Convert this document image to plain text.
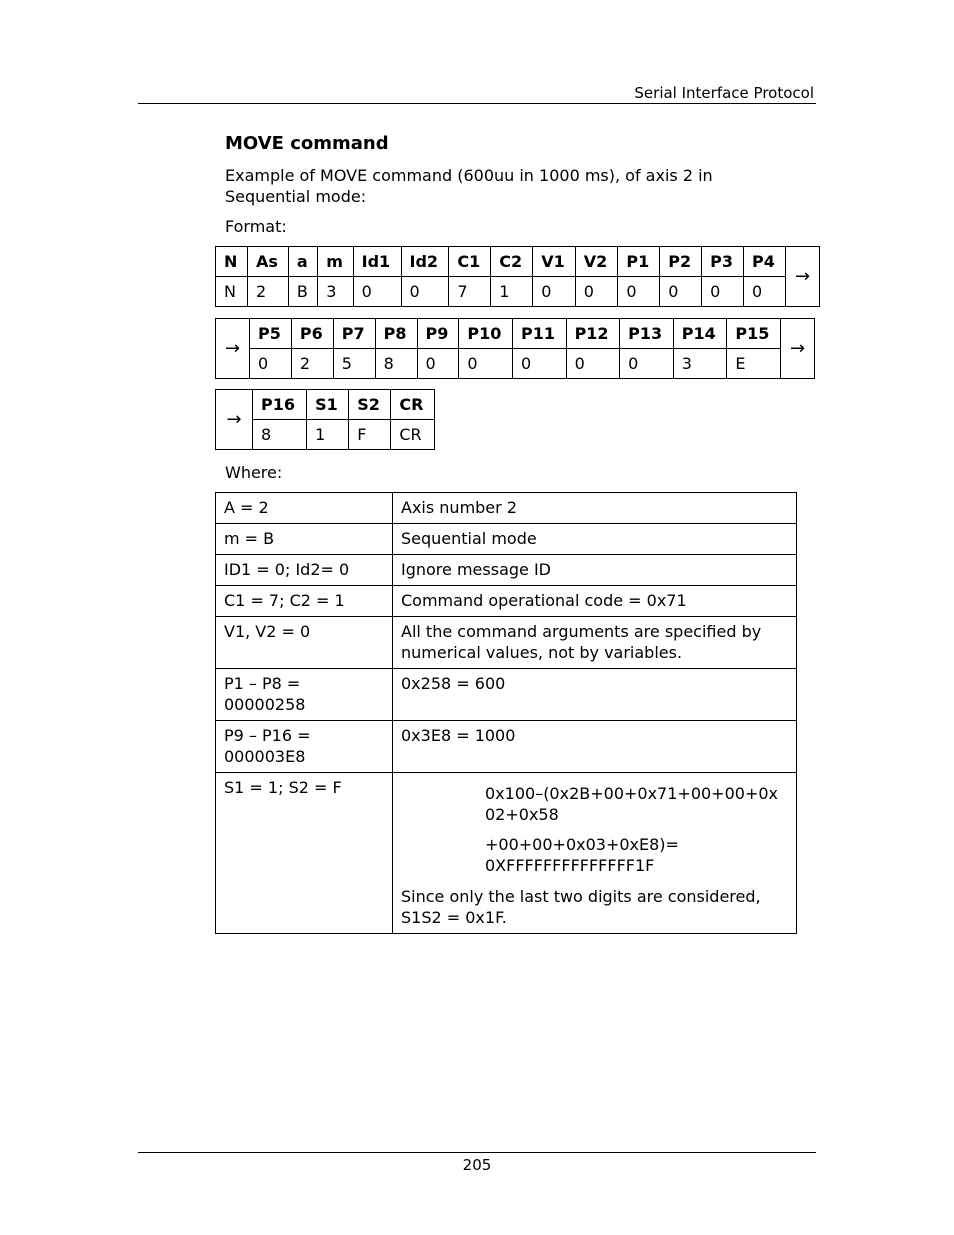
Serial Interface Protocol
MOVE command
Example of MOVE command (600uu in 1000 ms), of axis 2 in Sequential mode:
Format:
N	As	a	m	Id1	Id2	C1	C2	V1	V2	P1	P2	P3	P4	→
N	2	B	3	0	0	7	1	0	0	0	0	0	0	
→	P5	P6	P7	P8	P9	P10	P11	P12	P13	P14	P15	→
	0	2	5	8	0	0	0	0	0	3	E	
→	P16	S1	S2	CR
	8	1	F	CR
Where:
A = 2	Axis number 2
m = B	Sequential mode
ID1 = 0; Id2= 0	Ignore message ID
C1 = 7; C2 = 1	Command operational code = 0x71
V1, V2 = 0	All the command arguments are specified by numerical values, not by variables.
P1 – P8 = 00000258	0x258 = 600
P9 – P16 = 000003E8	0x3E8 = 1000
S1 = 1; S2 = F	0x100–(0x2B+00+0x71+00+00+0x02+0x58

+00+00+0x03+0xE8)= 0XFFFFFFFFFFFFFF1F

Since only the last two digits are considered, S1S2 = 0x1F.

205
